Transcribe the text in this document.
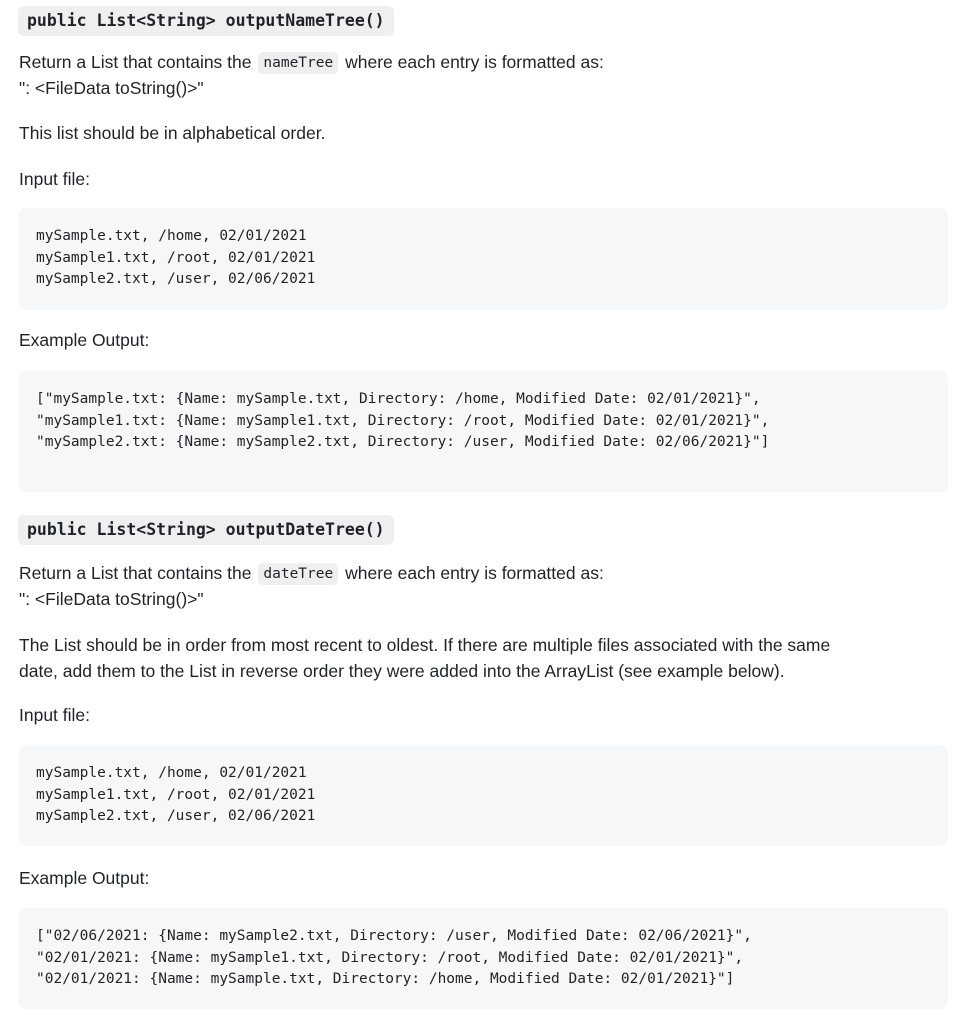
public List<String> outputNameTree()
Return a List that contains the nameTree where each entry is formatted as:
": <FileData toString()>"
This list should be in alphabetical order.
Input file:
mySample.txt, /home, 02/01/2021
mySample1.txt, /root, 02/01/2021
mySample2.txt, /user, 02/06/2021
Example Output:
["mySample.txt: {Name: mySample.txt, Directory: /home, Modified Date: 02/01/2021}",
"mySample1.txt: {Name: mySample1.txt, Directory: /root, Modified Date: 02/01/2021}",
"mySample2.txt: {Name: mySample2.txt, Directory: /user, Modified Date: 02/06/2021}"]
public List<String> outputDateTree()
Return a List that contains the dateTree where each entry is formatted as:
": <FileData toString()>"
The List should be in order from most recent to oldest. If there are multiple files associated with the same
date, add them to the List in reverse order they were added into the ArrayList (see example below).
Input file:
mySample.txt, /home, 02/01/2021
mySample1.txt, /root, 02/01/2021
mySample2.txt, /user, 02/06/2021
Example Output:
["02/06/2021: {Name: mySample2.txt, Directory: /user, Modified Date: 02/06/2021}",
"02/01/2021: {Name: mySample1.txt, Directory: /root, Modified Date: 02/01/2021}",
"02/01/2021: {Name: mySample.txt, Directory: /home, Modified Date: 02/01/2021}"]
